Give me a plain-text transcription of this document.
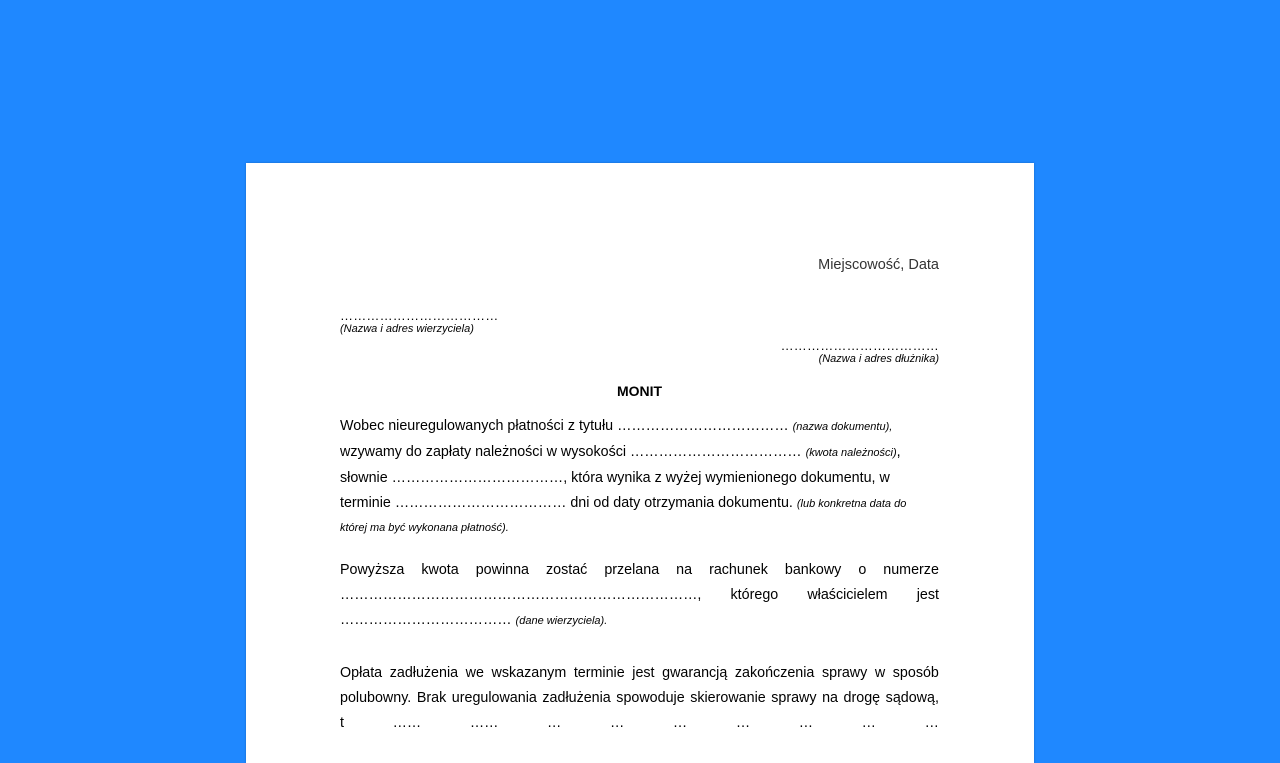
Miejscowość, Data
………………………………
(Nazwa i adres wierzyciela)
………………………………
(Nazwa i adres dłużnika)
MONIT
Wobec nieuregulowanych płatności z tytułu ……………………………… (nazwa dokumentu),
wzywamy do zapłaty należności w wysokości ……………………………… (kwota należności),
słownie ………………………………, która wynika z wyżej wymienionego dokumentu, w
terminie ……………………………… dni od daty otrzymania dokumentu. (lub konkretna data do
której ma być wykonana płatność).
Powyższa kwota powinna zostać przelana na rachunek bankowy o numerze
…………………………………………………………………, którego właścicielem jest
……………………………… (dane wierzyciela).
Opłata zadłużenia we wskazanym terminie jest gwarancją zakończenia sprawy w sposób
polubowny. Brak uregulowania zadłużenia spowoduje skierowanie sprawy na drogę sądową,
t	……	……	…	…	…	…	…	…	…
